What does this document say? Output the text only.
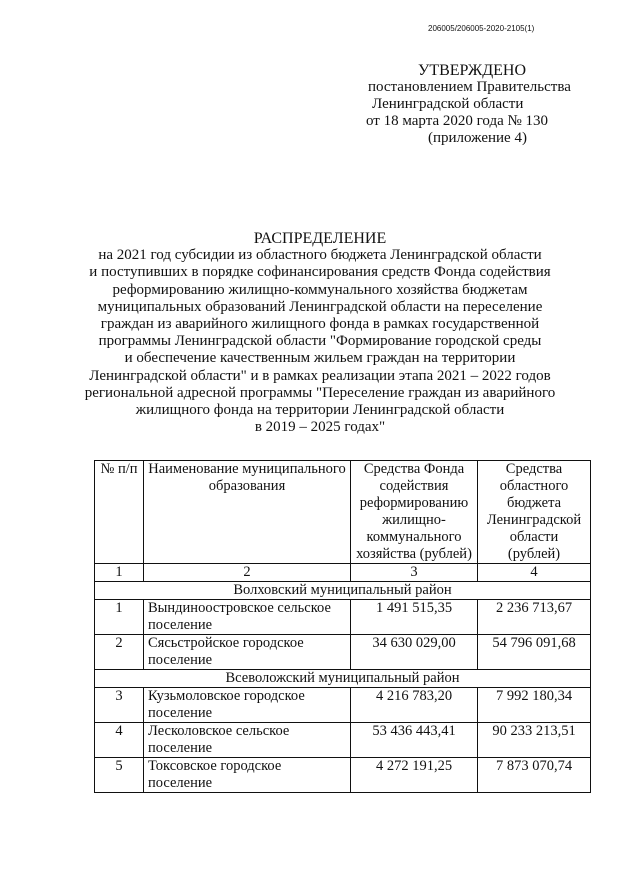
206005/206005-2020-2105(1)
УТВЕРЖДЕНО
постановлением Правительства
Ленинградской области
от 18 марта 2020 года № 130
(приложение 4)
РАСПРЕДЕЛЕНИЕ
на 2021 год субсидии из областного бюджета Ленинградской области
и поступивших в порядке софинансирования средств Фонда содействия
реформированию жилищно-коммунального хозяйства бюджетам
муниципальных образований Ленинградской области на переселение
граждан из аварийного жилищного фонда в рамках государственной
программы Ленинградской области "Формирование городской среды
и обеспечение качественным жильем граждан на территории
Ленинградской области" и в рамках реализации этапа 2021 – 2022 годов
региональной адресной программы "Переселение граждан из аварийного
жилищного фонда на территории Ленинградской области
в 2019 – 2025 годах"
№ п/п	Наименование муниципального образования	Средства Фонда содействия реформированию жилищно-коммунального хозяйства (рублей)	Средства областного бюджета Ленинградской области (рублей)
1	2	3	4
Волховский муниципальный район			
1	Вындиноостровское сельское поселение	1 491 515,35	2 236 713,67
2	Сясьстройское городское поселение	34 630 029,00	54 796 091,68
Всеволожский муниципальный район			
3	Кузьмоловское городское поселение	4 216 783,20	7 992 180,34
4	Лесколовское сельское поселение	53 436 443,41	90 233 213,51
5	Токсовское городское поселение	4 272 191,25	7 873 070,74
